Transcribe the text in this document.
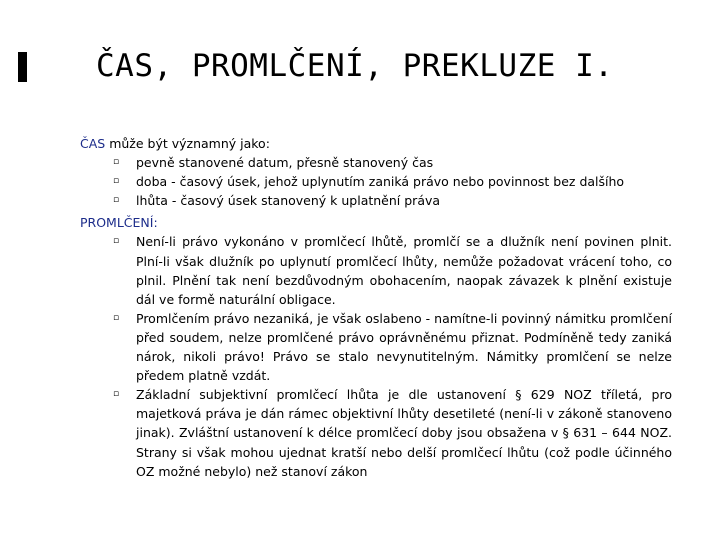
ČAS, PROMLČENÍ, PREKLUZE I.

ČAS může být významný jako:

▫ pevně stanovené datum, přesně stanovený čas
▫ doba - časový úsek, jehož uplynutím zaniká právo nebo povinnost bez dalšího
▫ lhůta - časový úsek stanovený k uplatnění práva

PROMLČENÍ:

▫ Není-li právo vykonáno v promlčecí lhůtě, promlčí se a dlužník není povinen plnit. Plní-li však dlužník po uplynutí promlčecí lhůty, nemůže požadovat vrácení toho, co plnil. Plnění tak není bezdůvodným obohacením, naopak závazek k plnění existuje dál ve formě naturální obligace.
▫ Promlčením právo nezaniká, je však oslabeno - namítne-li povinný námitku promlčení před soudem, nelze promlčené právo oprávněnému přiznat. Podmíněně tedy zaniká nárok, nikoli právo! Právo se stalo nevynutitelným. Námitky promlčení se nelze předem platně vzdát.
▫ Základní subjektivní promlčecí lhůta je dle ustanovení § 629 NOZ tříletá, pro majetková práva je dán rámec objektivní lhůty desetileté (není-li v zákoně stanoveno jinak). Zvláštní ustanovení k délce promlčecí doby jsou obsažena v § 631 – 644 NOZ. Strany si však mohou ujednat kratší nebo delší promlčecí lhůtu (což podle účinného OZ možné nebylo) než stanoví zákon
